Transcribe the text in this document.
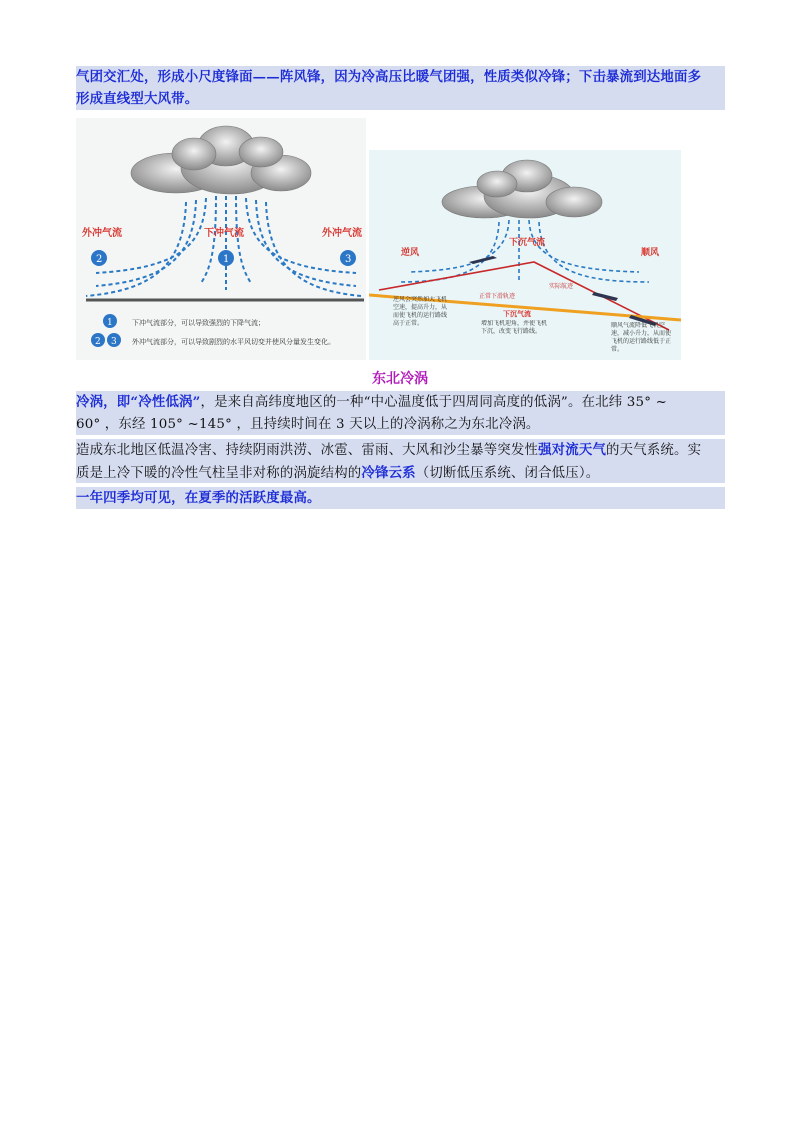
气团交汇处，形成小尺度锋面——阵风锋，因为冷高压比暖气团强，性质类似冷锋；下击暴流到达地面多
形成直线型大风带。
外冲气流	下冲气流	外冲气流
2	1	3
1	下冲气流部分，可以导致强烈的下降气流；
2 3 外冲气流部分，可以导致剧烈的水平风切变并使风分量发生变化。
逆风
下沉气流
顺风
正常下滑轨迹
实际航迹
逆风会突然加大飞机空速，提高升力，从而使飞机的运行路线高于正常。
下沉气流
增加飞机迎角，并使飞机下沉，改变飞行路线。
顺风气流降低飞机空速，减小升力，从而使飞机的运行路线低于正常。
东北冷涡
冷涡，即“冷性低涡”，是来自高纬度地区的一种“中心温度低于四周同高度的低涡”。在北纬 35° ~
60° ，东经 105° ~145° ，且持续时间在 3 天以上的冷涡称之为东北冷涡。
造成东北地区低温冷害、持续阴雨洪涝、冰雹、雷雨、大风和沙尘暴等突发性强对流天气的天气系统。实
质是上冷下暖的冷性气柱呈非对称的涡旋结构的冷锋云系（切断低压系统、闭合低压）。
一年四季均可见，在夏季的活跃度最高。
